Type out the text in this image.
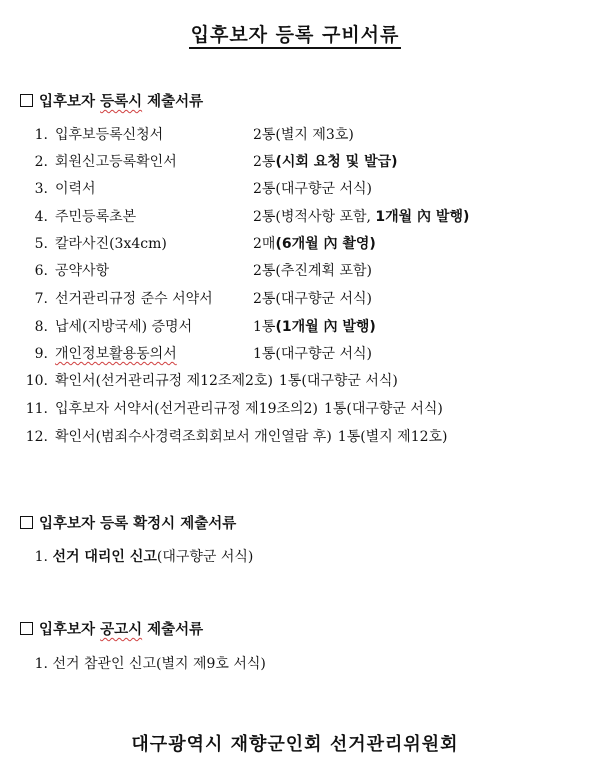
입후보자 등록 구비서류
입후보자 등록시 제출서류
1. 입후보등록신청서	2통(별지 제3호)
2. 회원신고등록확인서	2통(시회 요청 및 발급)
3. 이력서	2통(대구향군 서식)
4. 주민등록초본	2통(병적사항 포함, 1개월 內 발행)
5. 칼라사진(3x4cm)	2매(6개월 內 촬영)
6. 공약사항	2통(추진계획 포함)
7. 선거관리규정 준수 서약서	2통(대구향군 서식)
8. 납세(지방국세) 증명서	1통(1개월 內 발행)
9. 개인정보활용동의서	1통(대구향군 서식)
10. 확인서(선거관리규정 제12조제2호) 1통(대구향군 서식)
11. 입후보자 서약서(선거관리규정 제19조의2) 1통(대구향군 서식)
12. 확인서(범죄수사경력조회회보서 개인열람 후) 1통(별지 제12호)
입후보자 등록 확정시 제출서류
1. 선거 대리인 신고(대구향군 서식)
입후보자 공고시 제출서류
1. 선거 참관인 신고(별지 제9호 서식)
대구광역시 재향군인회 선거관리위원회
